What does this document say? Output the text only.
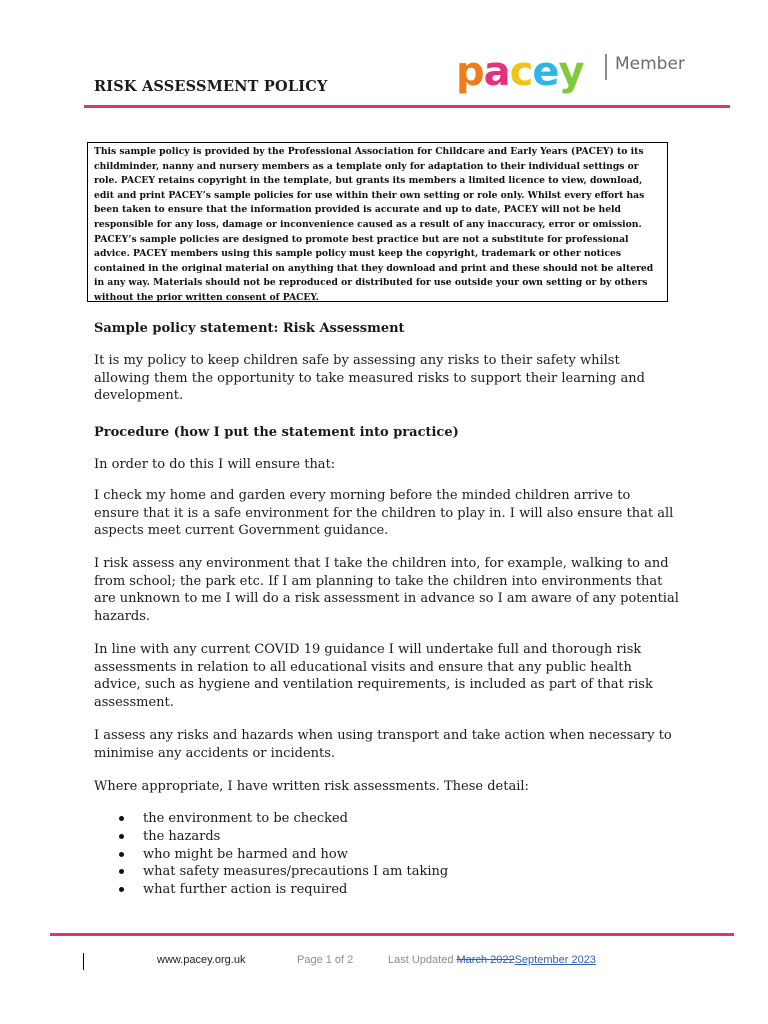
RISK ASSESSMENT POLICY	p a c e y Member
This sample policy is provided by the Professional Association for Childcare and Early Years (PACEY) to its childminder, nanny and nursery members as a template only for adaptation to their individual settings or role. PACEY retains copyright in the template, but grants its members a limited licence to view, download, edit and print PACEY’s sample policies for use within their own setting or role only. Whilst every effort has been taken to ensure that the information provided is accurate and up to date, PACEY will not be held responsible for any loss, damage or inconvenience caused as a result of any inaccuracy, error or omission. PACEY’s sample policies are designed to promote best practice but are not a substitute for professional advice. PACEY members using this sample policy must keep the copyright, trademark or other notices contained in the original material on anything that they download and print and these should not be altered in any way. Materials should not be reproduced or distributed for use outside your own setting or by others without the prior written consent of PACEY.

Sample policy statement: Risk Assessment

It is my policy to keep children safe by assessing any risks to their safety whilst allowing them the opportunity to take measured risks to support their learning and development.

Procedure (how I put the statement into practice)

In order to do this I will ensure that:

I check my home and garden every morning before the minded children arrive to ensure that it is a safe environment for the children to play in. I will also ensure that all aspects meet current Government guidance.

I risk assess any environment that I take the children into, for example, walking to and from school; the park etc. If I am planning to take the children into environments that are unknown to me I will do a risk assessment in advance so I am aware of any potential hazards.

In line with any current COVID 19 guidance I will undertake full and thorough risk assessments in relation to all educational visits and ensure that any public health advice, such as hygiene and ventilation requirements, is included as part of that risk assessment.

I assess any risks and hazards when using transport and take action when necessary to minimise any accidents or incidents.

Where appropriate, I have written risk assessments. These detail:

the environment to be checked
the hazards
who might be harmed and how
what safety measures/precautions I am taking
what further action is required
www.pacey.org.uk	Page 1 of 2	Last Updated March 2022September 2023
